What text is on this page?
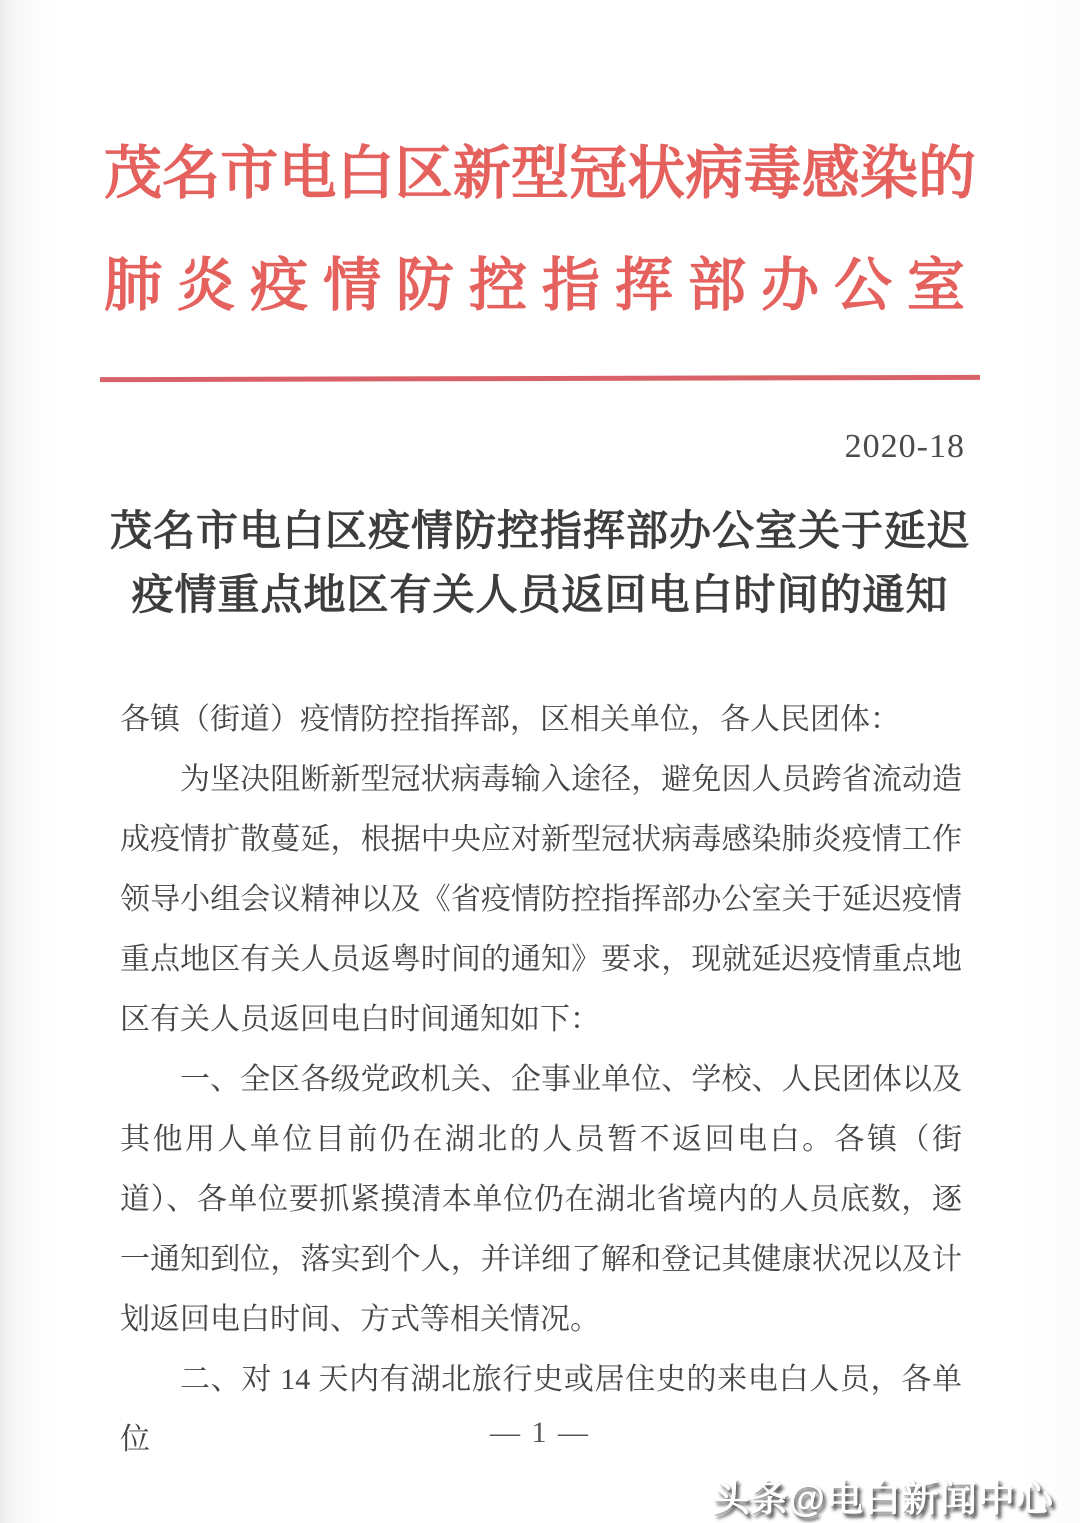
茂名市电白区新型冠状病毒感染的
肺炎疫情防控指挥部办公室
2020-18
茂名市电白区疫情防控指挥部办公室关于延迟
疫情重点地区有关人员返回电白时间的通知

各镇（街道）疫情防控指挥部，区相关单位，各人民团体：

为坚决阻断新型冠状病毒输入途径，避免因人员跨省流动造成疫情扩散蔓延，根据中央应对新型冠状病毒感染肺炎疫情工作领导小组会议精神以及《省疫情防控指挥部办公室关于延迟疫情重点地区有关人员返粤时间的通知》要求，现就延迟疫情重点地区有关人员返回电白时间通知如下：

一、全区各级党政机关、企事业单位、学校、人民团体以及其他用人单位目前仍在湖北的人员暂不返回电白。各镇（街道）、各单位要抓紧摸清本单位仍在湖北省境内的人员底数，逐一通知到位，落实到个人，并详细了解和登记其健康状况以及计划返回电白时间、方式等相关情况。

二、对 14 天内有湖北旅行史或居住史的来电白人员，各单位	— 1 —
头条@电白新闻中心
